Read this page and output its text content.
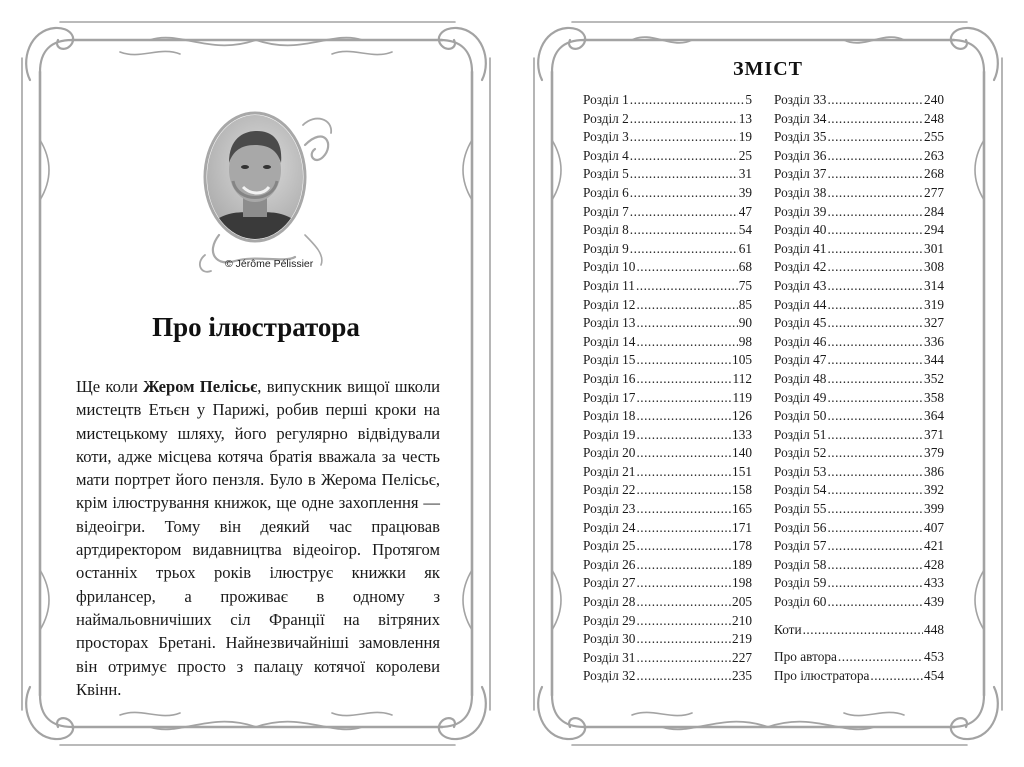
© Jérôme Pélissier
Про ілюстратора
Ще коли Жером Пелісьє, випускник вищої школи мистецтв Етьєн у Парижі, робив перші кроки на мистецькому шляху, його регулярно відвідували коти, адже місцева котяча братія вважала за честь мати портрет його пензля. Було в Жерома Пелісьє, крім ілюстрування книжок, ще одне захоплення — відеоігри. Тому він деякий час працював артдиректором видавництва відеоігор. Протягом останніх трьох років ілюструє книжки як фрилансер, а проживає в одному з наймальовничіших сіл Франції на вітряних просторах Бретані. Найнезвичайніші замовлення він отримує просто з палацу котячої королеви Квінн.
ЗМІСТ
Розділ 1 .....	5
Розділ 2 .....	13
Розділ 3 .....	19
Розділ 4 .....	25
Розділ 5 .....	31
Розділ 6 .....	39
Розділ 7 .....	47
Розділ 8 .....	54
Розділ 9 .....	61
Розділ 10 .....	68
Розділ 11 .....	75
Розділ 12 .....	85
Розділ 13 .....	90
Розділ 14 .....	98
Розділ 15 .....	105
Розділ 16 .....	112
Розділ 17 .....	119
Розділ 18 .....	126
Розділ 19 .....	133
Розділ 20 .....	140
Розділ 21 .....	151
Розділ 22 .....	158
Розділ 23 .....	165
Розділ 24 .....	171
Розділ 25 .....	178
Розділ 26 .....	189
Розділ 27 .....	198
Розділ 28 .....	205
Розділ 29 .....	210
Розділ 30 .....	219
Розділ 31 .....	227
Розділ 32 .....	235
Розділ 33 .....	240
Розділ 34 .....	248
Розділ 35 .....	255
Розділ 36 .....	263
Розділ 37 .....	268
Розділ 38 .....	277
Розділ 39 .....	284
Розділ 40 .....	294
Розділ 41 .....	301
Розділ 42 .....	308
Розділ 43 .....	314
Розділ 44 .....	319
Розділ 45 .....	327
Розділ 46 .....	336
Розділ 47 .....	344
Розділ 48 .....	352
Розділ 49 .....	358
Розділ 50 .....	364
Розділ 51 .....	371
Розділ 52 .....	379
Розділ 53 .....	386
Розділ 54 .....	392
Розділ 55 .....	399
Розділ 56 .....	407
Розділ 57 .....	421
Розділ 58 .....	428
Розділ 59 .....	433
Розділ 60 .....	439
Коти .....	448
Про автора .....	453
Про ілюстратора .....	454
